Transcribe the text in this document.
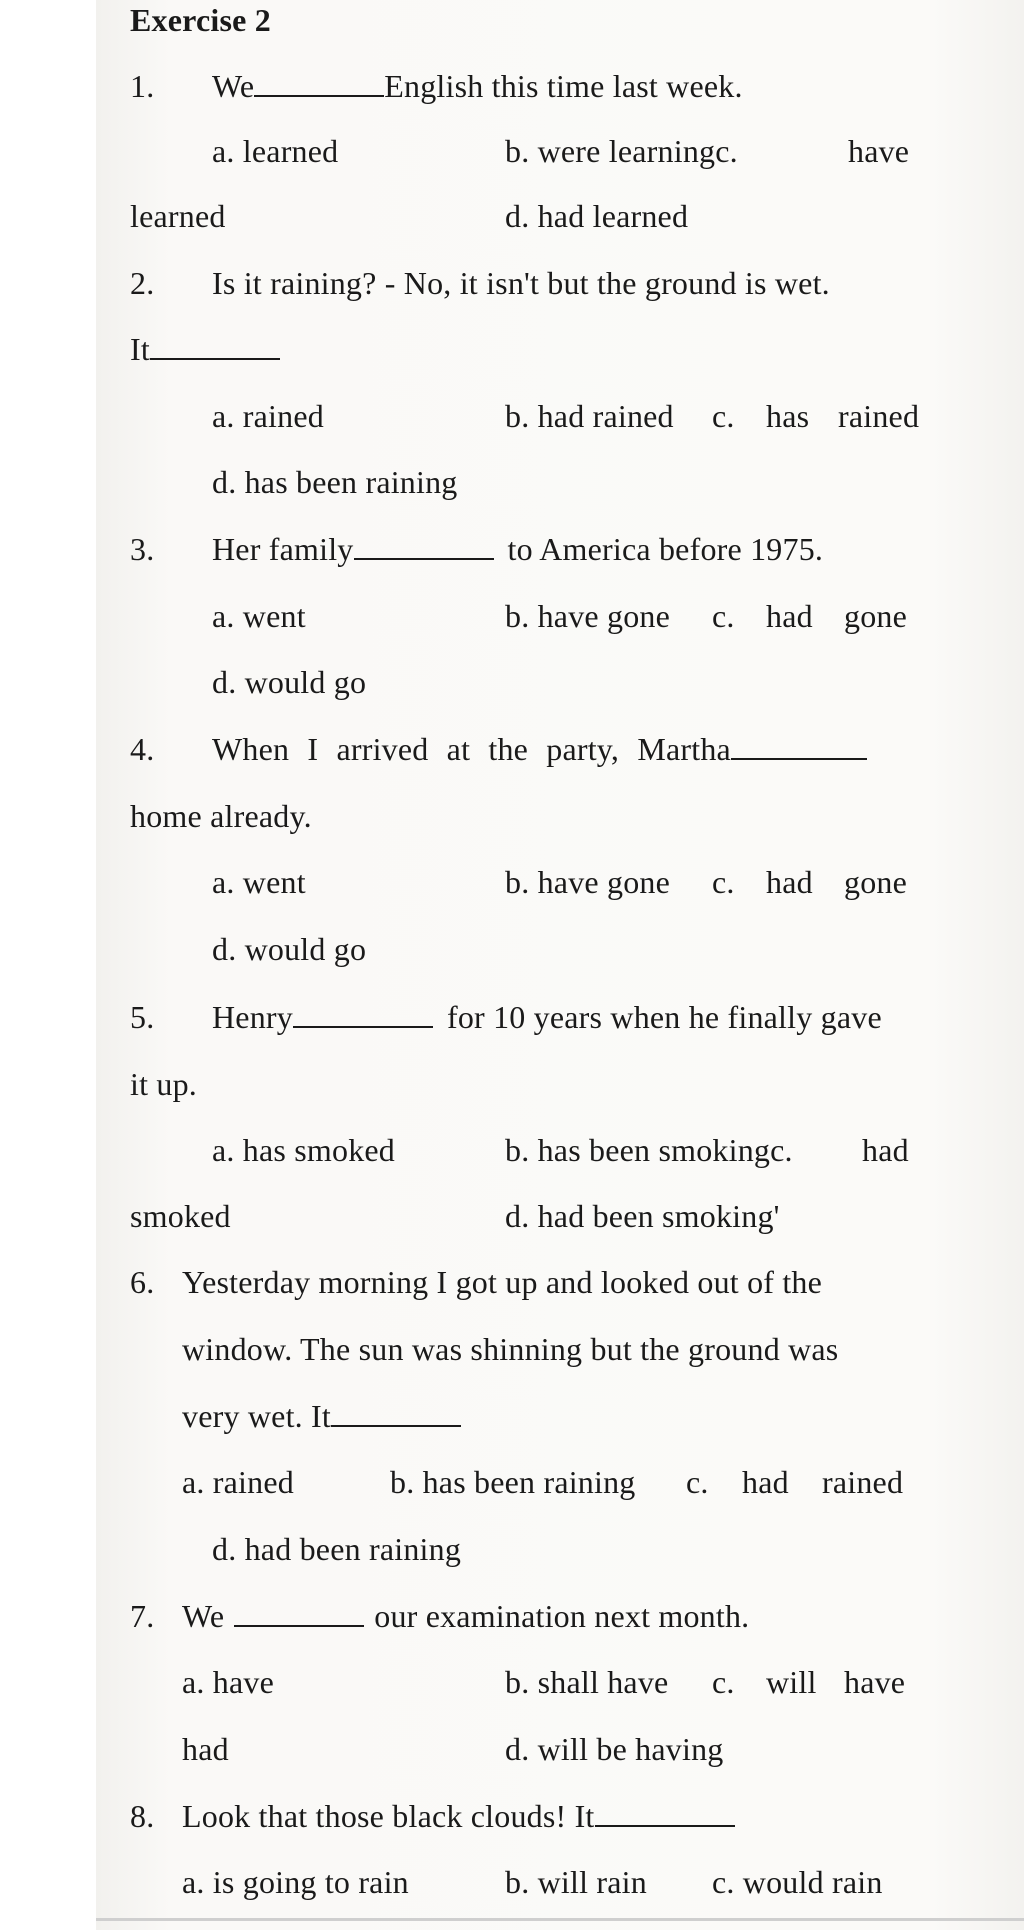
Exercise 2
1. We	English this time last week.
a. learned	b. were learningc.	have
learned	d. had learned
2. Is it raining? - No, it isn't but the ground is wet.
It
a. rained	b. had rained c. has rained
d. has been raining
3. Her family	to America before 1975.
a. went	b. have gone c. had gone
d. would go
4. When I arrived at the party, Martha
home already.
a. went	b. have gone c. had gone
d. would go
5. Henry	for 10 years when he finally gave
it up.
a. has smoked	b. has been smokingc. had
smoked	d. had been smoking'
6. Yesterday morning I got up and looked out of the
window. The sun was shinning but the ground was
very wet. It
a. rained	b. has been raining c. had rained
d. had been raining
7. We	our examination next month.
a. have	b. shall have c. will have
had	d. will be having
8. Look that those black clouds! It
a. is going to rain	b. will rain c. would rain
